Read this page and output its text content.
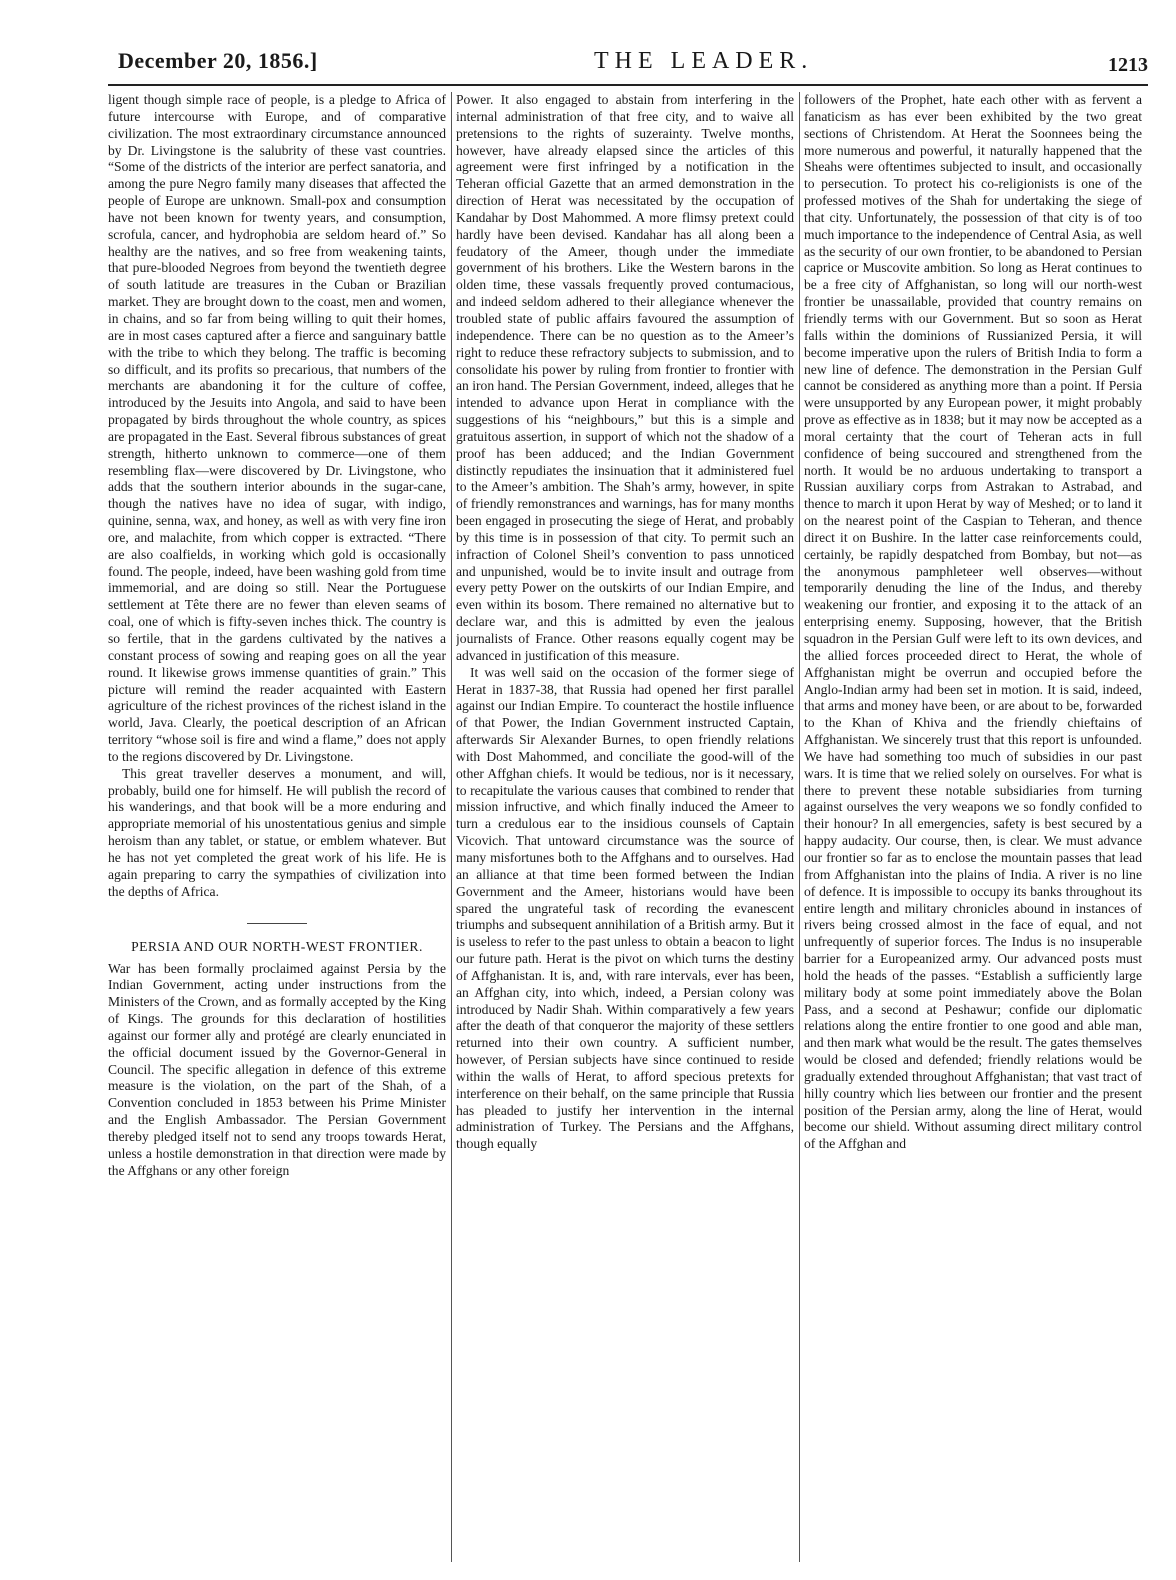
December 20, 1856.]	THE LEADER.	1213

ligent though simple race of people, is a pledge to Africa of future intercourse with Europe, and of comparative civilization. The most extraordinary circumstance announced by Dr. Livingstone is the salubrity of these vast countries. “Some of the districts of the interior are perfect sanatoria, and among the pure Negro family many diseases that affected the people of Europe are unknown. Small-pox and consumption have not been known for twenty years, and consumption, scrofula, cancer, and hydrophobia are seldom heard of.” So healthy are the natives, and so free from weakening taints, that pure-blooded Negroes from beyond the twentieth degree of south latitude are treasures in the Cuban or Brazilian market. They are brought down to the coast, men and women, in chains, and so far from being willing to quit their homes, are in most cases captured after a fierce and sanguinary battle with the tribe to which they belong. The traffic is becoming so difficult, and its profits so precarious, that numbers of the merchants are abandoning it for the culture of coffee, introduced by the Jesuits into Angola, and said to have been propagated by birds throughout the whole country, as spices are propagated in the East. Several fibrous substances of great strength, hitherto unknown to commerce—one of them resembling flax—were discovered by Dr. Livingstone, who adds that the southern interior abounds in the sugar-cane, though the natives have no idea of sugar, with indigo, quinine, senna, wax, and honey, as well as with very fine iron ore, and malachite, from which copper is extracted. “There are also coalfields, in working which gold is occasionally found. The people, indeed, have been washing gold from time immemorial, and are doing so still. Near the Portuguese settlement at Tête there are no fewer than eleven seams of coal, one of which is fifty-seven inches thick. The country is so fertile, that in the gardens cultivated by the natives a constant process of sowing and reaping goes on all the year round. It likewise grows immense quantities of grain.” This picture will remind the reader acquainted with Eastern agriculture of the richest provinces of the richest island in the world, Java. Clearly, the poetical description of an African territory “whose soil is fire and wind a flame,” does not apply to the regions discovered by Dr. Livingstone.

This great traveller deserves a monument, and will, probably, build one for himself. He will publish the record of his wanderings, and that book will be a more enduring and appropriate memorial of his unostentatious genius and simple heroism than any tablet, or statue, or emblem whatever. But he has not yet completed the great work of his life. He is again preparing to carry the sympathies of civilization into the depths of Africa.

PERSIA AND OUR NORTH-WEST FRONTIER.

War has been formally proclaimed against Persia by the Indian Government, acting under instructions from the Ministers of the Crown, and as formally accepted by the King of Kings. The grounds for this declaration of hostilities against our former ally and protégé are clearly enunciated in the official document issued by the Governor-General in Council. The specific allegation in defence of this extreme measure is the violation, on the part of the Shah, of a Convention concluded in 1853 between his Prime Minister and the English Ambassador. The Persian Government thereby pledged itself not to send any troops towards Herat, unless a hostile demonstration in that direction were made by the Affghans or any other foreign

Power. It also engaged to abstain from interfering in the internal administration of that free city, and to waive all pretensions to the rights of suzerainty. Twelve months, however, have already elapsed since the articles of this agreement were first infringed by a notification in the Teheran official Gazette that an armed demonstration in the direction of Herat was necessitated by the occupation of Kandahar by Dost Mahommed. A more flimsy pretext could hardly have been devised. Kandahar has all along been a feudatory of the Ameer, though under the immediate government of his brothers. Like the Western barons in the olden time, these vassals frequently proved contumacious, and indeed seldom adhered to their allegiance whenever the troubled state of public affairs favoured the assumption of independence. There can be no question as to the Ameer’s right to reduce these refractory subjects to submission, and to consolidate his power by ruling from frontier to frontier with an iron hand. The Persian Government, indeed, alleges that he intended to advance upon Herat in compliance with the suggestions of his “neighbours,” but this is a simple and gratuitous assertion, in support of which not the shadow of a proof has been adduced; and the Indian Government distinctly repudiates the insinuation that it administered fuel to the Ameer’s ambition. The Shah’s army, however, in spite of friendly remonstrances and warnings, has for many months been engaged in prosecuting the siege of Herat, and probably by this time is in possession of that city. To permit such an infraction of Colonel Sheil’s convention to pass unnoticed and unpunished, would be to invite insult and outrage from every petty Power on the outskirts of our Indian Empire, and even within its bosom. There remained no alternative but to declare war, and this is admitted by even the jealous journalists of France. Other reasons equally cogent may be advanced in justification of this measure.

It was well said on the occasion of the former siege of Herat in 1837-38, that Russia had opened her first parallel against our Indian Empire. To counteract the hostile influence of that Power, the Indian Government instructed Captain, afterwards Sir Alexander Burnes, to open friendly relations with Dost Mahommed, and conciliate the good-will of the other Affghan chiefs. It would be tedious, nor is it necessary, to recapitulate the various causes that combined to render that mission infructive, and which finally induced the Ameer to turn a credulous ear to the insidious counsels of Captain Vicovich. That untoward circumstance was the source of many misfortunes both to the Affghans and to ourselves. Had an alliance at that time been formed between the Indian Government and the Ameer, historians would have been spared the ungrateful task of recording the evanescent triumphs and subsequent annihilation of a British army. But it is useless to refer to the past unless to obtain a beacon to light our future path. Herat is the pivot on which turns the destiny of Affghanistan. It is, and, with rare intervals, ever has been, an Affghan city, into which, indeed, a Persian colony was introduced by Nadir Shah. Within comparatively a few years after the death of that conqueror the majority of these settlers returned into their own country. A sufficient number, however, of Persian subjects have since continued to reside within the walls of Herat, to afford specious pretexts for interference on their behalf, on the same principle that Russia has pleaded to justify her intervention in the internal administration of Turkey. The Persians and the Affghans, though equally

followers of the Prophet, hate each other with as fervent a fanaticism as has ever been exhibited by the two great sections of Christendom. At Herat the Soonnees being the more numerous and powerful, it naturally happened that the Sheahs were oftentimes subjected to insult, and occasionally to persecution. To protect his co-religionists is one of the professed motives of the Shah for undertaking the siege of that city. Unfortunately, the possession of that city is of too much importance to the independence of Central Asia, as well as the security of our own frontier, to be abandoned to Persian caprice or Muscovite ambition. So long as Herat continues to be a free city of Affghanistan, so long will our north-west frontier be unassailable, provided that country remains on friendly terms with our Government. But so soon as Herat falls within the dominions of Russianized Persia, it will become imperative upon the rulers of British India to form a new line of defence. The demonstration in the Persian Gulf cannot be considered as anything more than a point. If Persia were unsupported by any European power, it might probably prove as effective as in 1838; but it may now be accepted as a moral certainty that the court of Teheran acts in full confidence of being succoured and strengthened from the north. It would be no arduous undertaking to transport a Russian auxiliary corps from Astrakan to Astrabad, and thence to march it upon Herat by way of Meshed; or to land it on the nearest point of the Caspian to Teheran, and thence direct it on Bushire. In the latter case reinforcements could, certainly, be rapidly despatched from Bombay, but not—as the anonymous pamphleteer well observes—without temporarily denuding the line of the Indus, and thereby weakening our frontier, and exposing it to the attack of an enterprising enemy. Supposing, however, that the British squadron in the Persian Gulf were left to its own devices, and the allied forces proceeded direct to Herat, the whole of Affghanistan might be overrun and occupied before the Anglo-Indian army had been set in motion. It is said, indeed, that arms and money have been, or are about to be, forwarded to the Khan of Khiva and the friendly chieftains of Affghanistan. We sincerely trust that this report is unfounded. We have had something too much of subsidies in our past wars. It is time that we relied solely on ourselves. For what is there to prevent these notable subsidiaries from turning against ourselves the very weapons we so fondly confided to their honour? In all emergencies, safety is best secured by a happy audacity. Our course, then, is clear. We must advance our frontier so far as to enclose the mountain passes that lead from Affghanistan into the plains of India. A river is no line of defence. It is impossible to occupy its banks throughout its entire length and military chronicles abound in instances of rivers being crossed almost in the face of equal, and not unfrequently of superior forces. The Indus is no insuperable barrier for a Europeanized army. Our advanced posts must hold the heads of the passes. “Establish a sufficiently large military body at some point immediately above the Bolan Pass, and a second at Peshawur; confide our diplomatic relations along the entire frontier to one good and able man, and then mark what would be the result. The gates themselves would be closed and defended; friendly relations would be gradually extended throughout Affghanistan; that vast tract of hilly country which lies between our frontier and the present position of the Persian army, along the line of Herat, would become our shield. Without assuming direct military control of the Affghan and
